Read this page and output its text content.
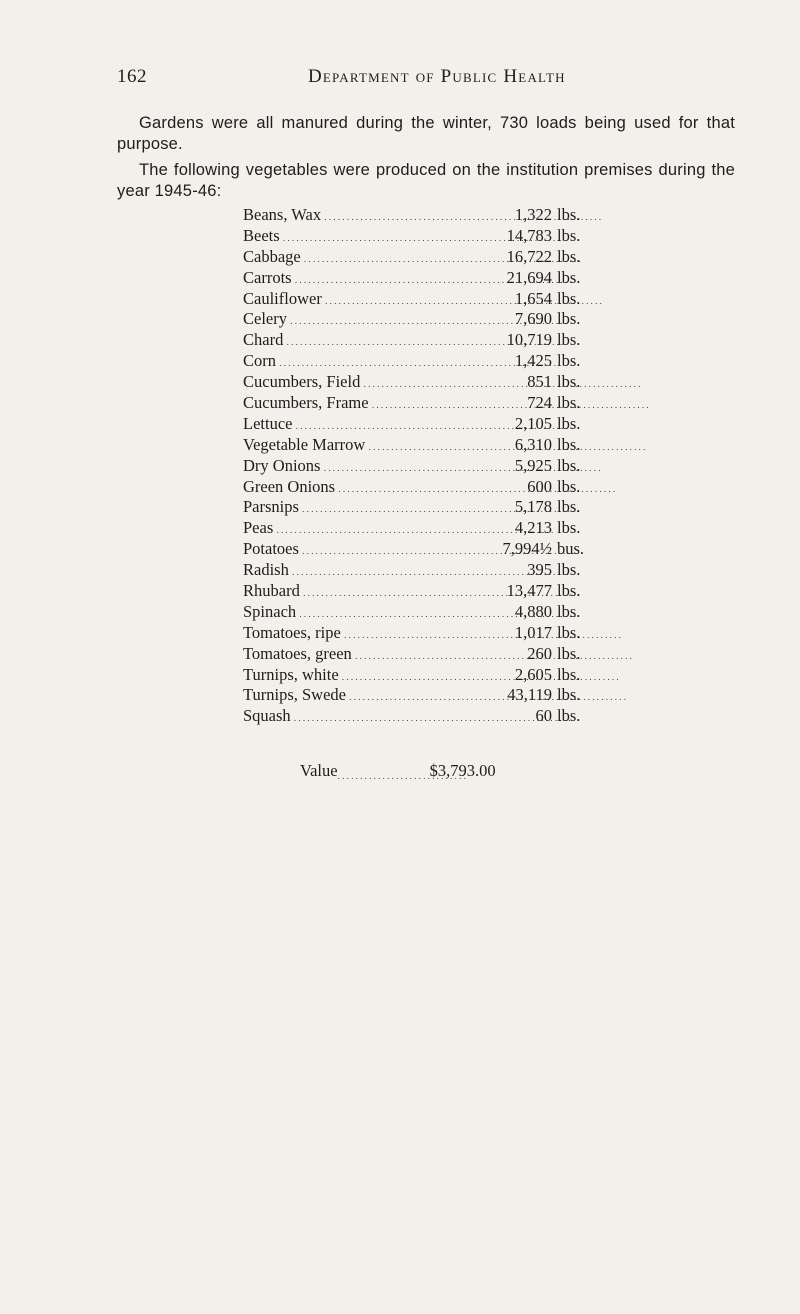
162	Department of Public Health

Gardens were all manured during the winter, 730 loads being used for that purpose.

The following vegetables were produced on the institution premises during the year 1945-46:

Beans, Wax . . .	1,322 lbs.
Beets . . .	14,783 lbs.
Cabbage . . .	16,722 lbs.
Carrots . . .	21,694 lbs.
Cauliflower . . .	1,654 lbs.
Celery . . .	7,690 lbs.
Chard . . .	10,719 lbs.
Corn . . .	1,425 lbs.
Cucumbers, Field . . .	851 lbs.
Cucumbers, Frame . . .	724 lbs.
Lettuce . . .	2,105 lbs.
Vegetable Marrow . . .	6,310 lbs.
Dry Onions . . .	5,925 lbs.
Green Onions . . .	600 lbs.
Parsnips . . .	5,178 lbs.
Peas . . .	4,213 lbs.
Potatoes . . .	7,994½ bus.
Radish . . .	395 lbs.
Rhubard . . .	13,477 lbs.
Spinach . . .	4,880 lbs.
Tomatoes, ripe . . .	1,017 lbs.
Tomatoes, green . . .	260 lbs.
Turnips, white . . .	2,605 lbs.
Turnips, Swede . . .	43,119 lbs.
Squash . . .	60 lbs.
Value. . . . . . . . . . . . . . . . . . . . . . . . . . . . .$3,793.00
